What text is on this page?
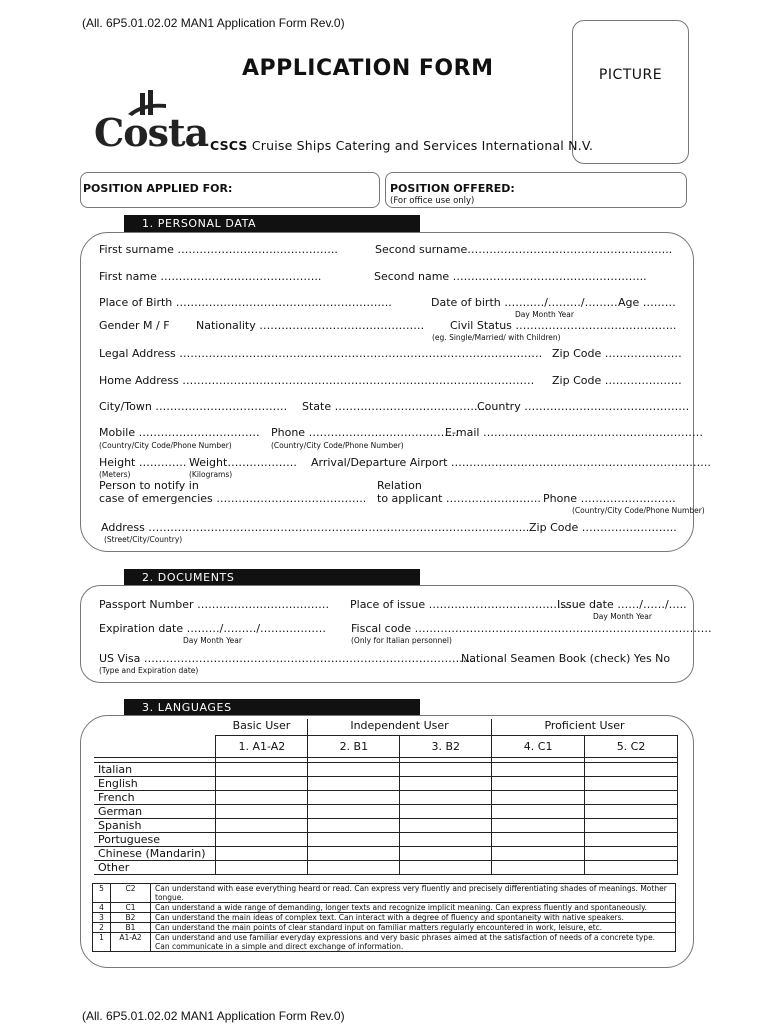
(All. 6P5.01.02.02 MAN1 Application Form Rev.0)
APPLICATION FORM	PICTURE
Costa CSCS Cruise Ships Catering and Services International N.V.
POSITION APPLIED FOR:	POSITION OFFERED:
(For office use only)
1. PERSONAL DATA
First surname ………………………..….………..	Second surname………………………………………………..
First name ……………………………………..	Second name ……………………………………………..
Place of Birth …………………………………………………..	Date of birth ……..…/………/……… Age ………
Day Month Year
Gender M / F Nationality ……………………………………… Civil Status ……………………………………..
(eg. Single/Married/ with Children)
Legal Address ……………………………………………………………………………………… Zip Code …………………
Home Address …………………………………………………………………………………… Zip Code …………………
City/Town ……………………………… State ……………………………………
Country ………………………………………
Mobile …………………………… Phone …………………………………..
E-mail ……………………………………………………
(Country/City Code/Phone Number)	(Country/City Code/Phone Number)
Height …………. Weight………………. Arrival/Departure Airport ……………………………………………………………..
(Meters)	(Kilograms)
Person to notify in
case of emergencies …………………………………..
Relation
to applicant …………………….. Phone ……………………..
(Country/City Code/Phone Number)
Address ………………………………………………………………………………………….. Zip Code ……………………..
(Street/City/Country)
2. DOCUMENTS
Passport Number ……………………………… Place of issue …………………………………
Issue date ……/……/…..
Day Month Year
Expiration date ………/………/………………
Day Month Year
Fiscal code ………………………………………………………………………
(Only for Italian personnel)
US Visa ………………………………………………………………………………
National Seamen Book (check) Yes No
(Type and Expiration date)
3. LANGUAGES
Basic User	Independent User	Proficient User
	1. A1-A2	2. B1	3. B2	4. C1	5. C2

Italian					
English					
French					
German					
Spanish					
Portuguese					
Chinese (Mandarin)					
Other					
5	C2	Can understand with ease everything heard or read. Can express very fluently and precisely differentiating shades of meanings. Mother tongue.
4	C1	Can understand a wide range of demanding, longer texts and recognize implicit meaning. Can express fluently and spontaneously.
3	B2	Can understand the main ideas of complex text. Can interact with a degree of fluency and spontaneity with native speakers.
2	B1	Can understand the main points of clear standard input on familiar matters regularly encountered in work, leisure, etc.
1	A1-A2	Can understand and use familiar everyday expressions and very basic phrases aimed at the satisfaction of needs of a concrete type. Can communicate in a simple and direct exchange of information.
(All. 6P5.01.02.02 MAN1 Application Form Rev.0)
